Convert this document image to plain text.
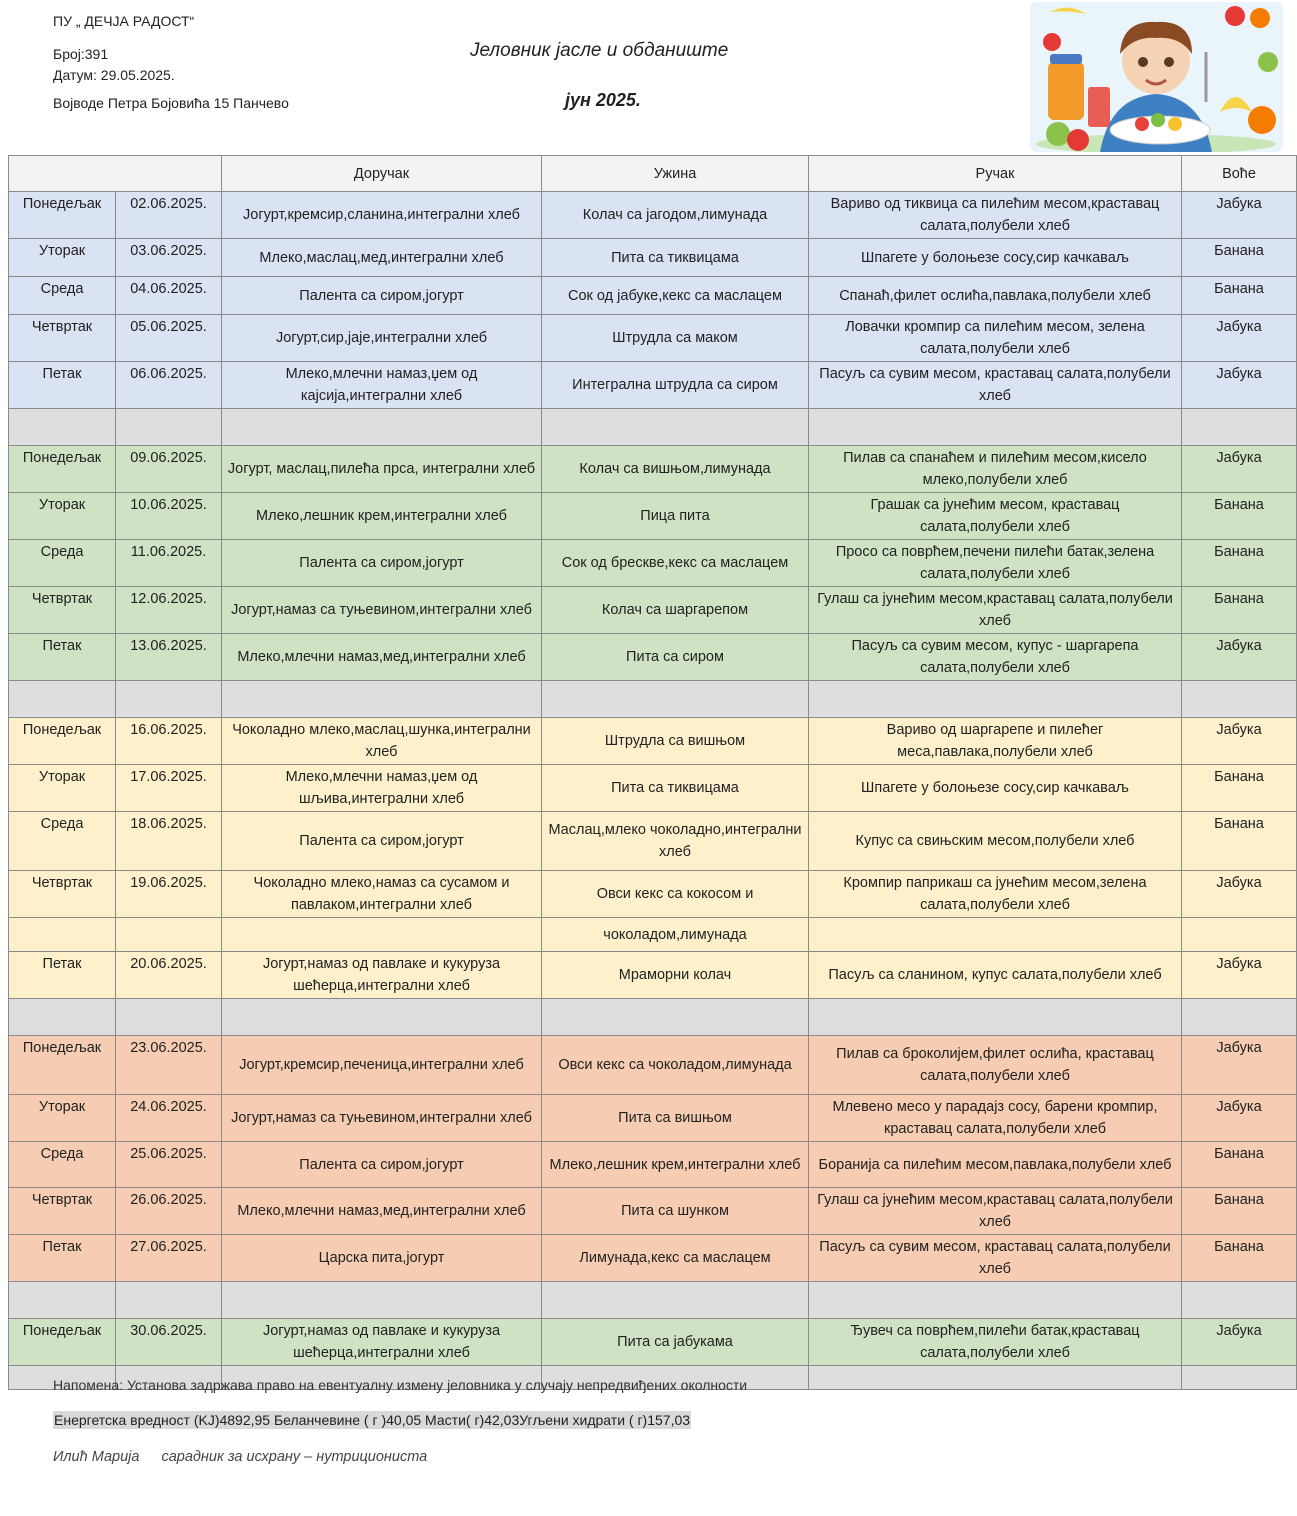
ПУ „ ДЕЧЈА РАДОСТ“
Број:391
Датум: 29.05.2025.
Војводе Петра Бојовића 15 Панчево
Јеловник јасле и обданиште
јун 2025.
		Доручак	Ужина	Ручак	Воће
Понедељак	02.06.2025.	Јогурт,кремсир,сланина,интегрални хлеб	Колач са јагодом,лимунада	Вариво од тиквица са пилећим месом,краставац салата,полубели хлеб	Јабука
Уторак	03.06.2025.	Млеко,маслац,мед,интегрални хлеб	Пита са тиквицама	Шпагете у болоњезе сосу,сир качкаваљ	Банана
Среда	04.06.2025.	Палента са сиром,јогурт	Сок од јабуке,кекс са маслацем	Спанаћ,филет ослића,павлака,полубели хлеб	Банана
Четвртак	05.06.2025.	Јогурт,сир,јаје,интегрални хлеб	Штрудла са маком	Ловачки кромпир са пилећим месом, зелена салата,полубели хлеб	Јабука
Петак	06.06.2025.	Млеко,млечни намаз,џем од кајсија,интегрални хлеб	Интегрална штрудла са сиром	Пасуљ са сувим месом, краставац салата,полубели хлеб	Јабука

Понедељак	09.06.2025.	Јогурт, маслац,пилећа прса, интегрални хлеб	Колач са вишњом,лимунада	Пилав са спанаћем и пилећим месом,кисело млеко,полубели хлеб	Јабука
Уторак	10.06.2025.	Млеко,лешник крем,интегрални хлеб	Пица пита	Грашак са јунећим месом, краставац салата,полубели хлеб	Банана
Среда	11.06.2025.	Палента са сиром,јогурт	Сок од брескве,кекс са маслацем	Просо са поврћем,печени пилећи батак,зелена салата,полубели хлеб	Банана
Четвртак	12.06.2025.	Јогурт,намаз са туњевином,интегрални хлеб	Колач са шаргарепом	Гулаш са јунећим месом,краставац салата,полубели хлеб	Банана
Петак	13.06.2025.	Млеко,млечни намаз,мед,интегрални хлеб	Пита са сиром	Пасуљ са сувим месом, купус - шаргарепа салата,полубели хлеб	Јабука

Понедељак	16.06.2025.	Чоколадно млеко,маслац,шунка,интегрални хлеб	Штрудла са вишњом	Вариво од шаргарепе и пилећег меса,павлака,полубели хлеб	Јабука
Уторак	17.06.2025.	Млеко,млечни намаз,џем од шљива,интегрални хлеб	Пита са тиквицама	Шпагете у болоњезе сосу,сир качкаваљ	Банана
Среда	18.06.2025.	Палента са сиром,јогурт	Маслац,млеко чоколадно,интегрални хлеб	Купус са свињским месом,полубели хлеб	Банана
Четвртак	19.06.2025.	Чоколадно млеко,намаз са сусамом и павлаком,интегрални хлеб	Овси кекс са кокосом и	Кромпир паприкаш са јунећим месом,зелена салата,полубели хлеб	Јабука
			чоколадом,лимунада		
Петак	20.06.2025.	Јогурт,намаз од павлаке и кукуруза шећерца,интегрални хлеб	Мраморни колач	Пасуљ са сланином, купус салата,полубели хлеб	Јабука

Понедељак	23.06.2025.	Јогурт,кремсир,печеница,интегрални хлеб	Овси кекс са чоколадом,лимунада	Пилав са броколијем,филет ослића, краставац салата,полубели хлеб	Јабука
Уторак	24.06.2025.	Јогурт,намаз са туњевином,интегрални хлеб	Пита са вишњом	Млевено месо у парадајз сосу, барени кромпир, краставац салата,полубели хлеб	Јабука
Среда	25.06.2025.	Палента са сиром,јогурт	Млеко,лешник крем,интегрални хлеб	Боранија са пилећим месом,павлака,полубели хлеб	Банана
Четвртак	26.06.2025.	Млеко,млечни намаз,мед,интегрални хлеб	Пита са шунком	Гулаш са јунећим месом,краставац салата,полубели хлеб	Банана
Петак	27.06.2025.	Царска пита,јогурт	Лимунада,кекс са маслацем	Пасуљ са сувим месом, краставац салата,полубели хлеб	Банана

Понедељак	30.06.2025.	Јогурт,намаз од павлаке и кукуруза шећерца,интегрални хлеб	Пита са јабукама	Ђувеч са поврћем,пилећи батак,краставац салата,полубели хлеб	Јабука

Напомена: Установа задржава право на евентуалну измену јеловника у случају непредвиђених околности
Енергетска вредност (KJ)4892,95 Беланчевине ( г )40,05 Масти( г)42,03Угљени хидрати ( г)157,03
Илић Марија сарадник за исхрану – нутрициониста
